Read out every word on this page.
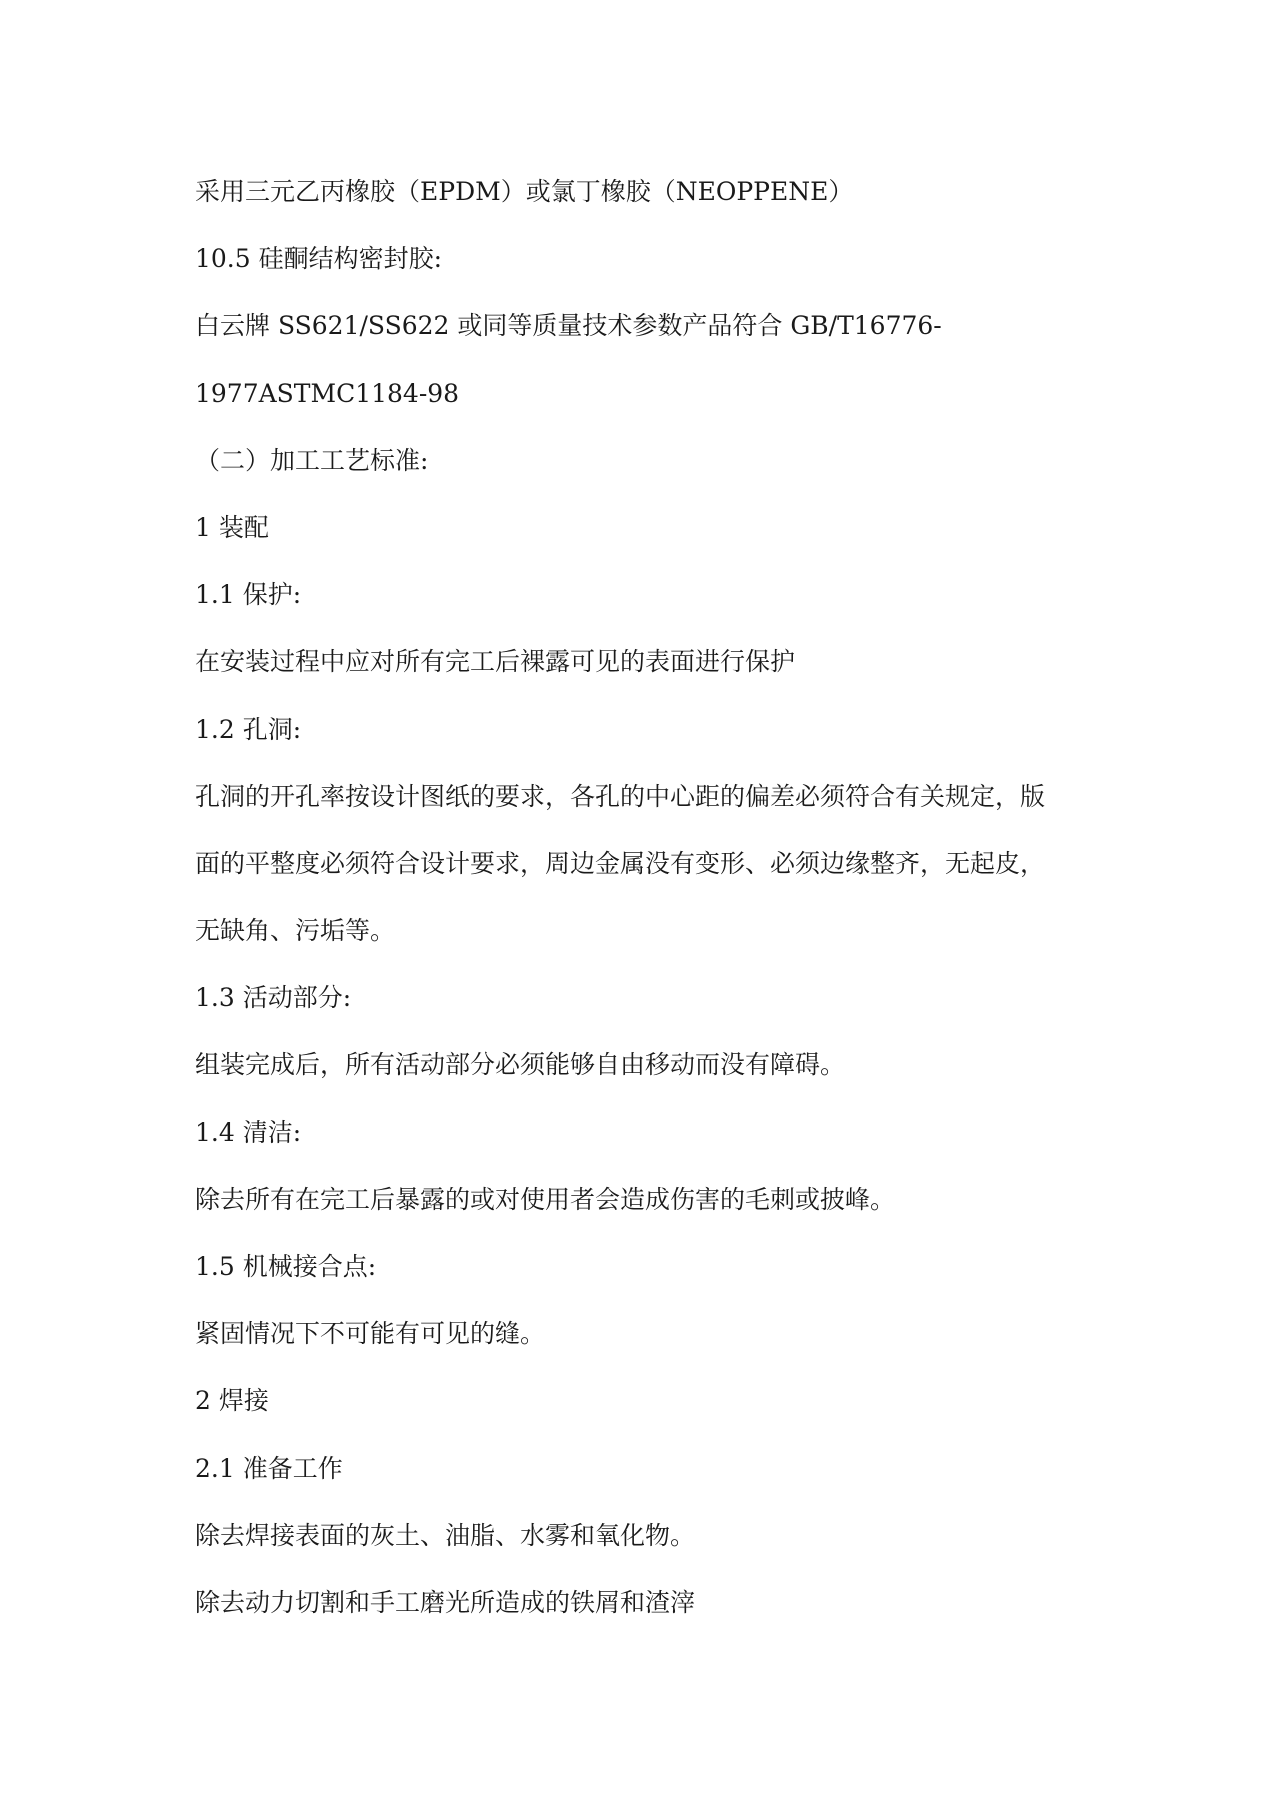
采用三元乙丙橡胶（EPDM）或氯丁橡胶（NEOPPENE）

10.5 硅酮结构密封胶:

白云牌 SS621/SS622 或同等质量技术参数产品符合 GB/T16776-

1977ASTMC1184-98

（二）加工工艺标准:

1 装配

1.1 保护:

在安装过程中应对所有完工后裸露可见的表面进行保护

1.2 孔洞:

孔洞的开孔率按设计图纸的要求，各孔的中心距的偏差必须符合有关规定，版

面的平整度必须符合设计要求，周边金属没有变形、必须边缘整齐，无起皮，

无缺角、污垢等。

1.3 活动部分:

组装完成后，所有活动部分必须能够自由移动而没有障碍。

1.4 清洁:

除去所有在完工后暴露的或对使用者会造成伤害的毛刺或披峰。

1.5 机械接合点:

紧固情况下不可能有可见的缝。

2 焊接

2.1 准备工作

除去焊接表面的灰土、油脂、水雾和氧化物。

除去动力切割和手工磨光所造成的铁屑和渣滓
